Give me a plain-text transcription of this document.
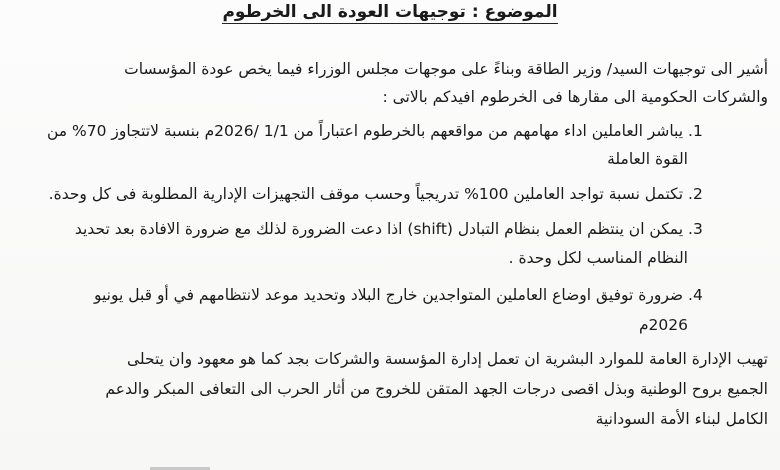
الموضوع : توجيهات العودة الى الخرطوم
أشير الى توجيهات السيد/ وزير الطاقة وبناءً على موجهات مجلس الوزراء فيما يخص عودة المؤسسات
والشركات الحكومية الى مقارها فى الخرطوم افيدكم بالاتى :
1. يباشر العاملين اداء مهامهم من مواقعهم بالخرطوم اعتباراً من 1/1 /2026م بنسبة لاتتجاوز 70% من
القوة العاملة
2. تكتمل نسبة تواجد العاملين 100% تدريجياً وحسب موقف التجهيزات الإدارية المطلوبة فى كل وحدة.
3. يمكن ان ينتظم العمل بنظام التبادل (shift) اذا دعت الضرورة لذلك مع ضرورة الافادة بعد تحديد
النظام المناسب لكل وحدة .
4. ضرورة توفيق اوضاع العاملين المتواجدين خارج البلاد وتحديد موعد لانتظامهم في أو قبل يونيو
2026م
تهيب الإدارة العامة للموارد البشرية ان تعمل إدارة المؤسسة والشركات بجد كما هو معهود وان يتحلى
الجميع بروح الوطنية وبذل اقصى درجات الجهد المتقن للخروج من أثار الحرب الى التعافى المبكر والدعم
الكامل لبناء الأمة السودانية
